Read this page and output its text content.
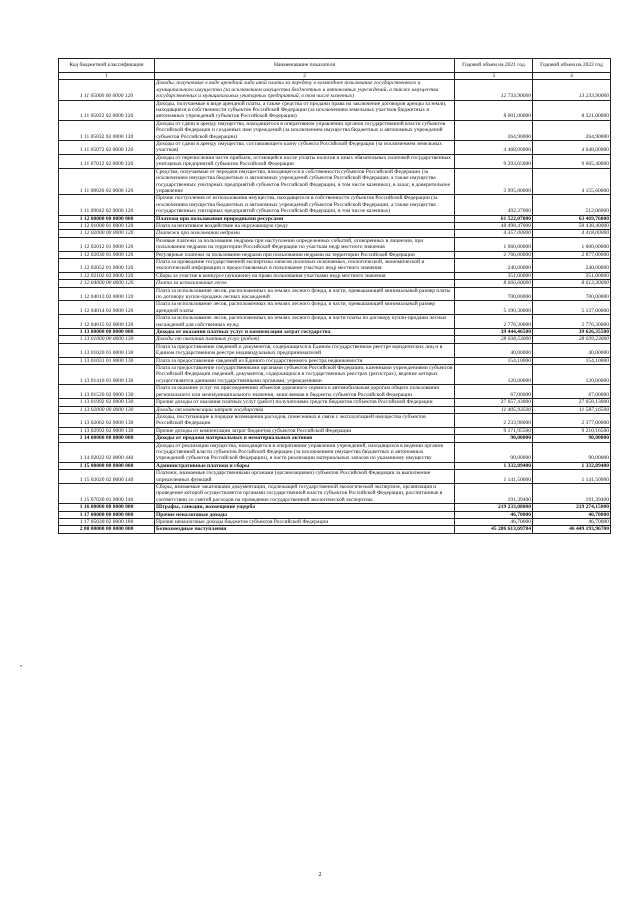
Код бюджетной классификации	Наименование показателя	Годовой объем на 2021 год	Годовой объем на 2022 год
1	2	3	4
1 11 05000 00 0000 120	Доходы, получаемые в виде арендной либо иной платы за передачу в возмездное пользование государственного и муниципального имущества (за исключением имущества бюджетных и автономных учреждений, а также имущества государственных и муниципальных унитарных предприятий, в том числе казенных)	12 733,90000	13 233,90000
1 11 05022 02 0000 120	Доходы, получаемые в виде арендной платы, а также средства от продажи права на заключение договоров аренды за земли, находящиеся в собственности субъектов Российской Федерации (за исключением земельных участков бюджетных и автономных учреждений субъектов Российской Федерации)	8 001,00000	8 321,00000
1 11 05032 02 0000 120	Доходы от сдачи в аренду имущества, находящегося в оперативном управлении органов государственной власти субъектов Российской Федерации и созданных ими учреждений (за исключением имущества бюджетных и автономных учреждений субъектов Российской Федерации)	264,90000	264,90000
1 11 05072 02 0000 120	Доходы от сдачи в аренду имущества, составляющего казну субъекта Российской Федерации (за исключением земельных участков)	4 468,00000	4 648,00000
1 11 07012 02 0000 120	Доходы от перечисления части прибыли, остающейся после уплаты налогов и иных обязательных платежей государственных унитарных предприятий субъектов Российской Федерации	9 293,65000	9 665,40000
1 11 08020 02 0000 120	Средства, получаемые от передачи имущества, находящегося в собственности субъектов Российской Федерации (за исключением имущества бюджетных и автономных учреждений субъектов Российской Федерации, а также имущества государственных унитарных предприятий субъектов Российской Федерации, в том числе казенных), в залог, в доверительное управление	3 995,80000	4 155,60000
1 11 09042 02 0000 120	Прочие поступления от использования имущества, находящегося в собственности субъектов Российской Федерации (за исключением имущества бюджетных и автономных учреждений субъектов Российской Федерации, а также имущества государственных унитарных предприятий субъектов Российской Федерации, в том числе казенных)	492,37000	512,06000
1 12 00000 00 0000 000	Платежи при пользовании природными ресурсами	61 522,07000	63 469,76000
1 12 01000 01 0000 120	Плата за негативное воздействие на окружающую среду	48 498,47000	50 438,40000
1 12 02000 00 0000 120	Платежи при пользовании недрами	4 357,00000	4 418,00000
1 12 02012 01 0000 120	Разовые платежи за пользование недрами при наступлении определенных событий, оговоренных в лицензии, при пользовании недрами на территории Российской Федерации по участкам недр местного значения	1 060,00000	1 000,00000
1 12 02030 01 0000 120	Регулярные платежи за пользование недрами при пользовании недрами на территории Российской Федерации	2 766,00000	2 877,00000
1 12 02052 01 0000 120	Плата за проведение государственной экспертизы запасов полезных ископаемых, геологической, экономической и экологической информации о предоставляемых в пользование участках недр местного значения	240,00000	240,00000
1 12 02102 02 0000 120	Сборы за участие в конкурсе (аукционе) на право пользования участками недр местного значения	351,00000	351,00000
1 12 04000 00 0000 120	Плата за использование лесов	8 666,60000	8 613,30000
1 12 04013 02 0000 120	Плата за использование лесов, расположенных на землях лесного фонда, в части, превышающей минимальный размер платы по договору купли-продажи лесных насаждений	700,00000	700,00000
1 12 04014 02 0000 120	Плата за использование лесов, расположенных на землях лесного фонда, в части, превышающей минимальный размер арендной платы	5 190,30000	5 137,00000
1 12 04015 02 0000 120	Плата за использование лесов, расположенных на землях лесного фонда, в части платы по договору купли-продажи лесных насаждений для собственных нужд	2 776,30000	2 776,30000
1 13 00000 00 0000 000	Доходы от оказания платных услуг и компенсации затрат государства	39 444,46500	39 626,35500
1 13 01000 00 0000 130	Доходы от оказания платных услуг (работ)	28 038,53000	28 039,23000
1 13 01020 01 0000 130	Плата за предоставление сведений и документов, содержащихся в Едином государственном реестре юридических лиц и в Едином государственном реестре индивидуальных предпринимателей	40,00000	40,00000
1 13 01031 01 0000 130	Плата за предоставление сведений из Единого государственного реестра недвижимости	154,10000	154,10000
1 13 01410 01 0000 130	Плата за предоставление государственными органами субъектов Российской Федерации, казенными учреждениями субъектов Российской Федерации сведений, документов, содержащихся в государственных реестрах (регистрах), ведение которых осуществляется данными государственными органами, учреждениями	120,00000	120,00000
1 13 01520 02 0000 130	Плата за оказание услуг по присоединению объектов дорожного сервиса к автомобильным дорогам общего пользования регионального или межмуниципального значения, зачисляемая в бюджеты субъектов Российской Федерации	67,00000	67,00000
1 13 01992 02 0000 130	Прочие доходы от оказания платных услуг (работ) получателями средств бюджетов субъектов Российской Федерации	27 657,43000	27 658,13000
1 13 02000 00 0000 130	Доходы от компенсации затрат государства	11 405,93500	11 587,16500
1 13 02062 02 0000 130	Доходы, поступающие в порядке возмещения расходов, понесенных в связи с эксплуатацией имущества субъектов Российской Федерации	2 233,98000	2 377,00000
1 13 02992 02 0000 130	Прочие доходы от компенсации затрат бюджетов субъектов Российской Федерации	9 171,95500	9 210,16500
1 14 00000 00 0000 000	Доходы от продажи материальных и нематериальных активов	90,00000	90,00000
1 14 02022 02 0000 440	Доходы от реализации имущества, находящегося в оперативном управлении учреждений, находящихся в ведении органов государственной власти субъектов Российской Федерации (за исключением имущества бюджетных и автономных учреждений субъектов Российской Федерации), в части реализации материальных запасов по указанному имуществу	90,00000	90,00000
1 15 00000 00 0000 000	Административные платежи и сборы	1 332,89400	1 332,89400
1 15 02020 02 0000 140	Платежи, взимаемые государственными органами (организациями) субъектов Российской Федерации за выполнение определенных функций	1 141,50000	1 141,50000
1 15 07020 01 0000 140	Сборы, взимаемые заказчиками документации, подлежащей государственной экологической экспертизе, организация и проведение которой осуществляется органами государственной власти субъектов Российской Федерации, рассчитанные в соответствии со сметой расходов на проведение государственной экологической экспертизы	191,39400	191,39400
1 16 00000 00 0000 000	Штрафы, санкции, возмещение ущерба	219 233,08000	219 274,15000
1 17 00000 00 0000 000	Прочие неналоговые доходы	46,70000	46,70000
1 17 05020 02 0000 180	Прочие неналоговые доходы бюджетов субъектов Российской Федерации	46,70000	46,70000
2 00 00000 00 0000 000	Безвозмездные поступления	45 286 613,69784	46 449 193,96700
•
2
